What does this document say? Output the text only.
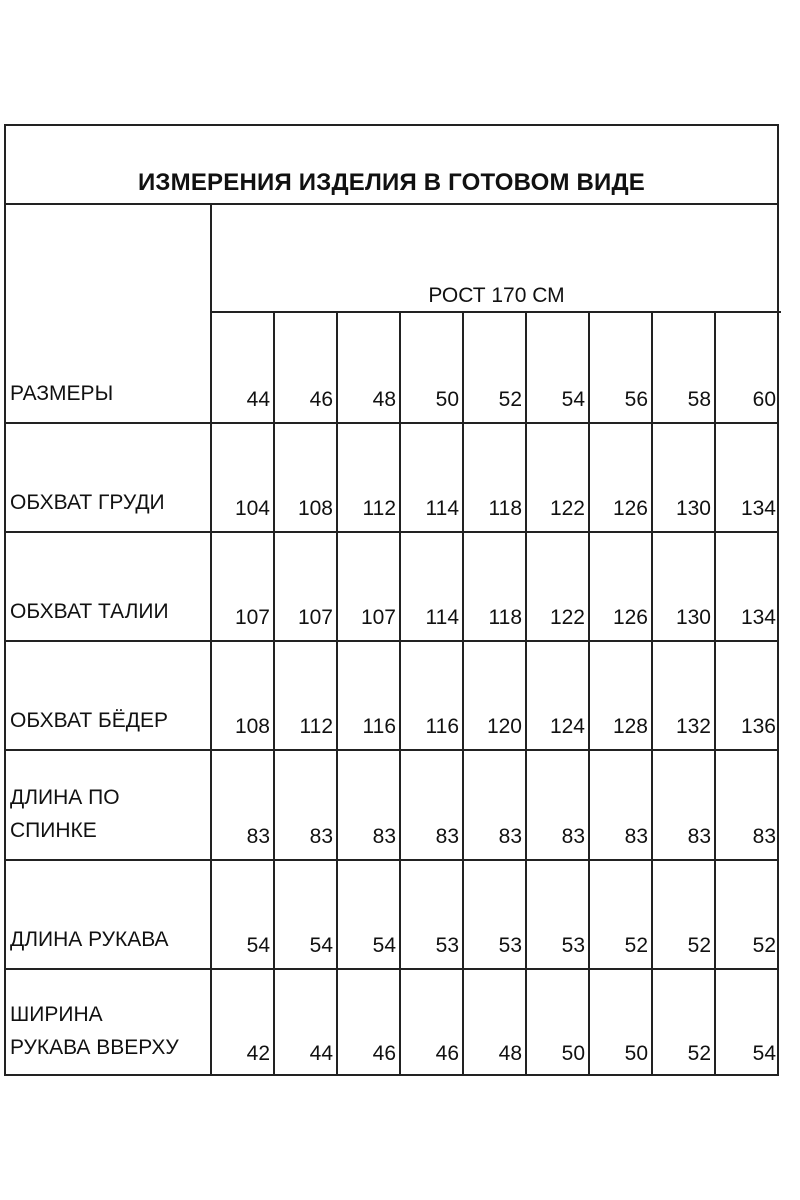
ИЗМЕРЕНИЯ ИЗДЕЛИЯ В ГОТОВОМ ВИДЕ
РОСТ 170 СМ
РАЗМЕРЫ	44	46	48	50	52	54	56	58	60
ОБХВАТ ГРУДИ	104	108	112	114	118	122	126	130	134
ОБХВАТ ТАЛИИ	107	107	107	114	118	122	126	130	134
ОБХВАТ БЁДЕР	108	112	116	116	120	124	128	132	136
ДЛИНА ПО
СПИНКЕ	83	83	83	83	83	83	83	83	83
ДЛИНА РУКАВА	54	54	54	53	53	53	52	52	52
ШИРИНА
РУКАВА ВВЕРХУ	42	44	46	46	48	50	50	52	54
